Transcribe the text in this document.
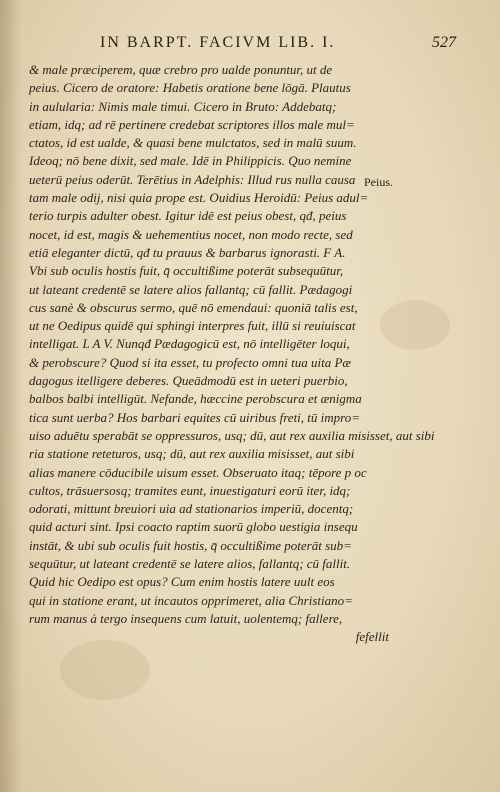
IN BARPT. FACIVM LIB. I.	527
& male præciperem, quæ crebro pro ualde ponuntur, ut de
peius. Cicero de oratore: Habetis oratione bene lōgā. Plautus
in aulularia: Nimis male timui. Cicero in Bruto: Addebatq;
etiam, idq; ad rē pertinere credebat scriptores illos male mul=
ctatos, id est ualde, & quasi bene mulctatos, sed in malū suum.
Ideoq; nō bene dixit, sed male. Idē in Philippicis. Quo nemine
ueterū peius oderūt. Terētius in Adelphis: Illud rus nulla causa
tam male odij, nisi quia prope est. Ouidius Heroidū: Peius adul=
terio turpis adulter obest. Igitur idē est peius obest, qđ, peius
nocet, id est, magis & uehementius nocet, non modo recte, sed
etiā eleganter dictū, qđ tu prauus & barbarus ignorasti. F A.
Vbi sub oculis hostis fuit, q̄ occultißime poterāt subsequūtur,
ut lateant credentē se latere alios fallantq; cū fallit. Pædagogi
cus sanè & obscurus sermo, quē nō emendaui: quoniā talis est,
ut ne Oedipus quidē qui sphingi interpres fuit, illū si reuiuiscat
intelligat. L A V. Nunqđ Pædagogicū est, nō intelligēter loqui,
& perobscure? Quod si ita esset, tu profecto omni tua uita Pæ
dagogus itelligere deberes. Queādmodū est in ueteri puerbio,
balbos balbi intelligūt. Nefande, hæccine perobscura et ænigma
tica sunt uerba? Hos barbari equites cū uiribus freti, tū impro=
uiso aduētu sperabāt se oppressuros, usq; dū, aut rex auxilia misisset, aut sibi
ria statione reteturos, usq; dū, aut rex auxilia misisset, aut sibi
alias manere cōducibile uisum esset. Obseruato itaq; tēpore p oc
cultos, trāsuersosq; tramites eunt, inuestigaturi eorū iter, idq;
odorati, mittunt breuiori uia ad stationarios imperiū, docentq;
quid acturi sint. Ipsi coacto raptim suorū globo uestigia insequ
instāt, & ubi sub oculis fuit hostis, q̄ occultißime poterāt sub=
sequūtur, ut lateant credentē se latere alios, fallantq; cū fallit.
Quid hic Oedipo est opus? Cum enim hostis latere uult eos
qui in statione erant, ut incautos opprimeret, alia Christiano=
rum manus à tergo insequens cum latuit, uolentemq; fallere,
fefellit
Peius.
